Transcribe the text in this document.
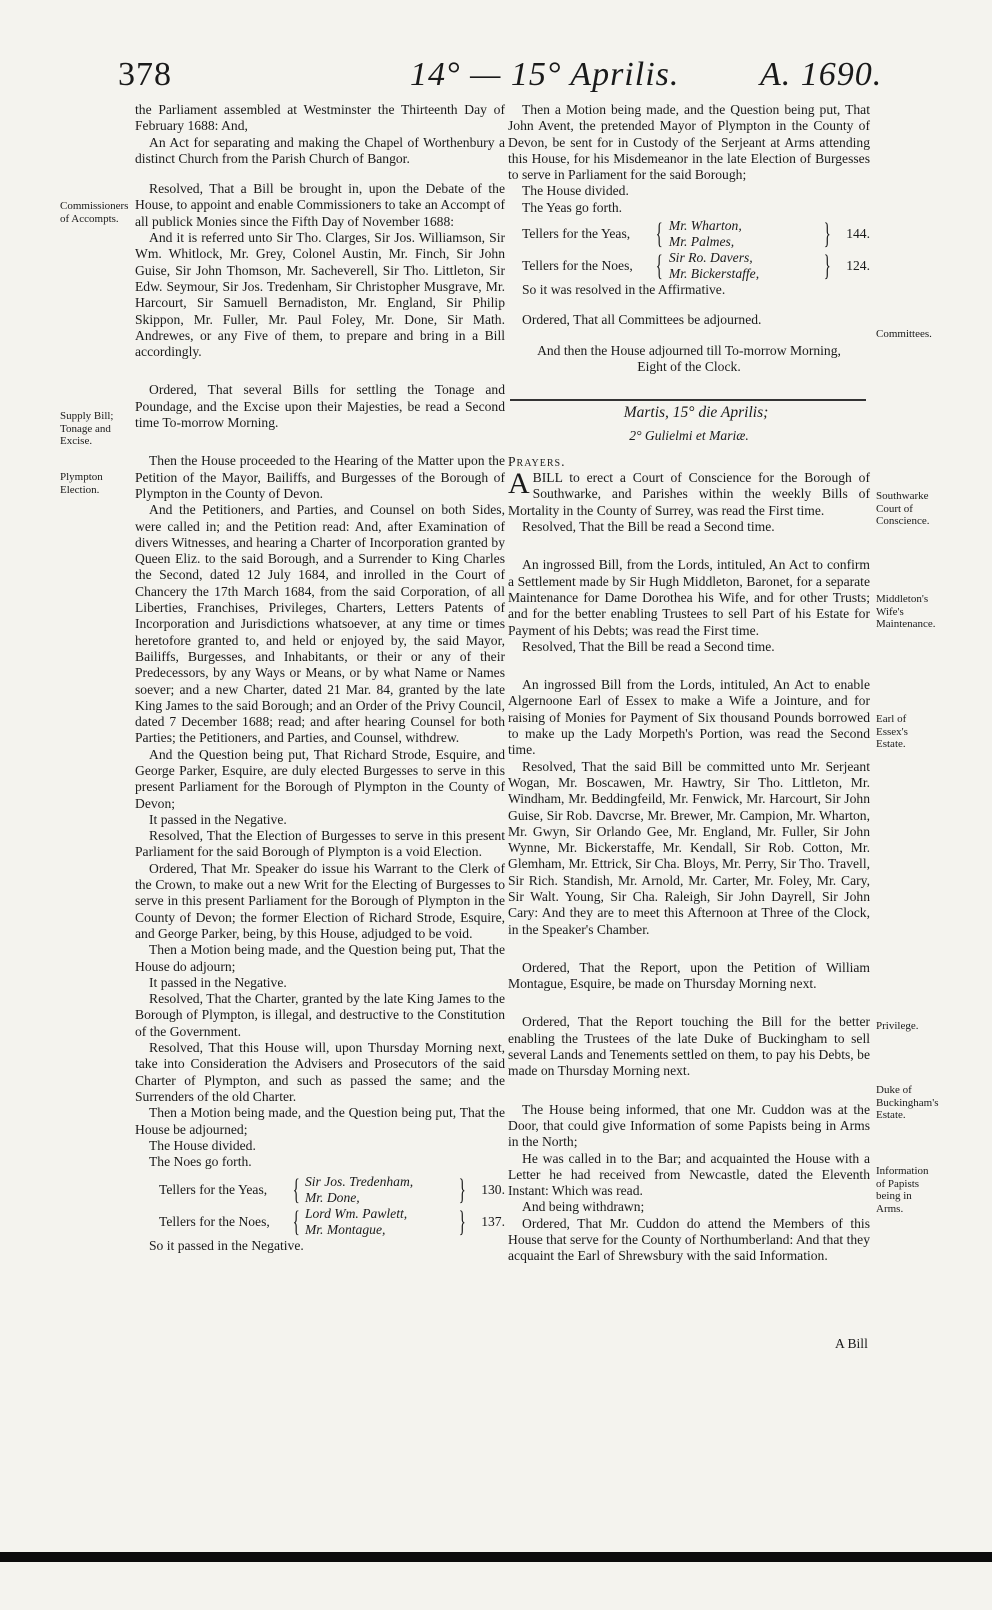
378	14° — 15° Aprilis. A. 1690.
Commissioners of Accompts.
Supply Bill; Tonage and Excise.
Plympton Election.
Committees.
Southwarke Court of Conscience.
Middleton's Wife's Maintenance.
Earl of Essex's Estate.
Privilege.
Duke of Buckingham's Estate.
Information of Papists being in Arms.

the Parliament assembled at Westminster the Thirteenth Day of February 1688: And,

An Act for separating and making the Chapel of Worthenbury a distinct Church from the Parish Church of Bangor.

Resolved, That a Bill be brought in, upon the Debate of the House, to appoint and enable Commissioners to take an Accompt of all publick Monies since the Fifth Day of November 1688:

And it is referred unto Sir Tho. Clarges, Sir Jos. Williamson, Sir Wm. Whitlock, Mr. Grey, Colonel Austin, Mr. Finch, Sir John Guise, Sir John Thomson, Mr. Sacheverell, Sir Tho. Littleton, Sir Edw. Seymour, Sir Jos. Tredenham, Sir Christopher Musgrave, Mr. Harcourt, Sir Samuell Bernadiston, Mr. England, Sir Philip Skippon, Mr. Fuller, Mr. Paul Foley, Mr. Done, Sir Math. Andrewes, or any Five of them, to prepare and bring in a Bill accordingly.

Ordered, That several Bills for settling the Tonage and Poundage, and the Excise upon their Majesties, be read a Second time To-morrow Morning.

Then the House proceeded to the Hearing of the Matter upon the Petition of the Mayor, Bailiffs, and Burgesses of the Borough of Plympton in the County of Devon.

And the Petitioners, and Parties, and Counsel on both Sides, were called in; and the Petition read: And, after Examination of divers Witnesses, and hearing a Charter of Incorporation granted by Queen Eliz. to the said Borough, and a Surrender to King Charles the Second, dated 12 July 1684, and inrolled in the Court of Chancery the 17th March 1684, from the said Corporation, of all Liberties, Franchises, Privileges, Charters, Letters Patents of Incorporation and Jurisdictions whatsoever, at any time or times heretofore granted to, and held or enjoyed by, the said Mayor, Bailiffs, Burgesses, and Inhabitants, or their or any of their Predecessors, by any Ways or Means, or by what Name or Names soever; and a new Charter, dated 21 Mar. 84, granted by the late King James to the said Borough; and an Order of the Privy Council, dated 7 December 1688; read; and after hearing Counsel for both Parties; the Petitioners, and Parties, and Counsel, withdrew.

And the Question being put, That Richard Strode, Esquire, and George Parker, Esquire, are duly elected Burgesses to serve in this present Parliament for the Borough of Plympton in the County of Devon;

It passed in the Negative.

Resolved, That the Election of Burgesses to serve in this present Parliament for the said Borough of Plympton is a void Election.

Ordered, That Mr. Speaker do issue his Warrant to the Clerk of the Crown, to make out a new Writ for the Electing of Burgesses to serve in this present Parliament for the Borough of Plympton in the County of Devon; the former Election of Richard Strode, Esquire, and George Parker, being, by this House, adjudged to be void.

Then a Motion being made, and the Question being put, That the House do adjourn;

It passed in the Negative.

Resolved, That the Charter, granted by the late King James to the Borough of Plympton, is illegal, and destructive to the Constitution of the Government.

Resolved, That this House will, upon Thursday Morning next, take into Consideration the Advisers and Prosecutors of the said Charter of Plympton, and such as passed the same; and the Surrenders of the old Charter.

Then a Motion being made, and the Question being put, That the House be adjourned;

The House divided.

The Noes go forth.

Tellers for the Yeas, { Sir Jos. Tredenham,
Mr. Done,	} 130.
Tellers for the Noes, { Lord Wm. Pawlett,
Mr. Montague,	} 137.

So it passed in the Negative.

Then a Motion being made, and the Question being put, That John Avent, the pretended Mayor of Plympton in the County of Devon, be sent for in Custody of the Serjeant at Arms attending this House, for his Misdemeanor in the late Election of Burgesses to serve in Parliament for the said Borough;

The House divided.

The Yeas go forth.

Tellers for the Yeas, { Mr. Wharton,
Mr. Palmes,	} 144.
Tellers for the Noes, { Sir Ro. Davers,
Mr. Bickerstaffe,	} 124.

So it was resolved in the Affirmative.

Ordered, That all Committees be adjourned.

And then the House adjourned till To-morrow Morning, Eight of the Clock.

Martis, 15° die Aprilis;

2° Gulielmi et Mariæ.

Prayers.

ABILL to erect a Court of Conscience for the Borough of Southwarke, and Parishes within the weekly Bills of Mortality in the County of Surrey, was read the First time.

Resolved, That the Bill be read a Second time.

An ingrossed Bill, from the Lords, intituled, An Act to confirm a Settlement made by Sir Hugh Middleton, Baronet, for a separate Maintenance for Dame Dorothea his Wife, and for other Trusts; and for the better enabling Trustees to sell Part of his Estate for Payment of his Debts; was read the First time.

Resolved, That the Bill be read a Second time.

An ingrossed Bill from the Lords, intituled, An Act to enable Algernoone Earl of Essex to make a Wife a Jointure, and for raising of Monies for Payment of Six thousand Pounds borrowed to make up the Lady Morpeth's Portion, was read the Second time.

Resolved, That the said Bill be committed unto Mr. Serjeant Wogan, Mr. Boscawen, Mr. Hawtry, Sir Tho. Littleton, Mr. Windham, Mr. Beddingfeild, Mr. Fenwick, Mr. Harcourt, Sir John Guise, Sir Rob. Davcrse, Mr. Brewer, Mr. Campion, Mr. Wharton, Mr. Gwyn, Sir Orlando Gee, Mr. England, Mr. Fuller, Sir John Wynne, Mr. Bickerstaffe, Mr. Kendall, Sir Rob. Cotton, Mr. Glemham, Mr. Ettrick, Sir Cha. Bloys, Mr. Perry, Sir Tho. Travell, Sir Rich. Standish, Mr. Arnold, Mr. Carter, Mr. Foley, Mr. Cary, Sir Walt. Young, Sir Cha. Raleigh, Sir John Dayrell, Sir John Cary: And they are to meet this Afternoon at Three of the Clock, in the Speaker's Chamber.

Ordered, That the Report, upon the Petition of William Montague, Esquire, be made on Thursday Morning next.

Ordered, That the Report touching the Bill for the better enabling the Trustees of the late Duke of Buckingham to sell several Lands and Tenements settled on them, to pay his Debts, be made on Thursday Morning next.

The House being informed, that one Mr. Cuddon was at the Door, that could give Information of some Papists being in Arms in the North;

He was called in to the Bar; and acquainted the House with a Letter he had received from Newcastle, dated the Eleventh Instant: Which was read.

And being withdrawn;

Ordered, That Mr. Cuddon do attend the Members of this House that serve for the County of Northumberland: And that they acquaint the Earl of Shrewsbury with the said Information.

A Bill
